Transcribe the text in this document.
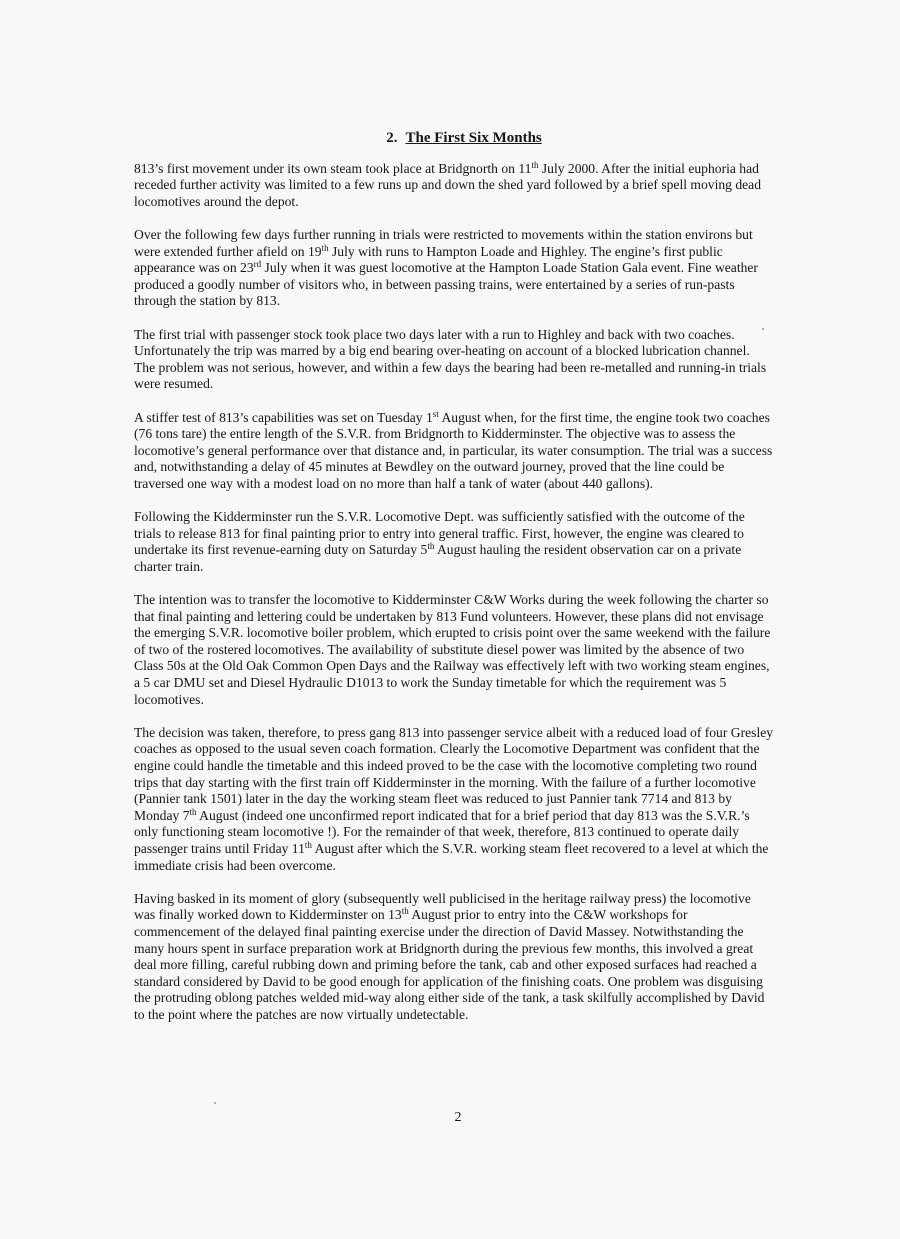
2. The First Six Months

813’s first movement under its own steam took place at Bridgnorth on 11th July 2000. After the initial euphoria had receded further activity was limited to a few runs up and down the shed yard followed by a brief spell moving dead locomotives around the depot.

Over the following few days further running in trials were restricted to movements within the station environs but were extended further afield on 19th July with runs to Hampton Loade and Highley. The engine’s first public appearance was on 23rd July when it was guest locomotive at the Hampton Loade Station Gala event. Fine weather produced a goodly number of visitors who, in between passing trains, were entertained by a series of run-pasts through the station by 813.

The first trial with passenger stock took place two days later with a run to Highley and back with two coaches. Unfortunately the trip was marred by a big end bearing over-heating on account of a blocked lubrication channel. The problem was not serious, however, and within a few days the bearing had been re-metalled and running-in trials were resumed.

A stiffer test of 813’s capabilities was set on Tuesday 1st August when, for the first time, the engine took two coaches (76 tons tare) the entire length of the S.V.R. from Bridgnorth to Kidderminster. The objective was to assess the locomotive’s general performance over that distance and, in particular, its water consumption. The trial was a success and, notwithstanding a delay of 45 minutes at Bewdley on the outward journey, proved that the line could be traversed one way with a modest load on no more than half a tank of water (about 440 gallons).

Following the Kidderminster run the S.V.R. Locomotive Dept. was sufficiently satisfied with the outcome of the trials to release 813 for final painting prior to entry into general traffic. First, however, the engine was cleared to undertake its first revenue-earning duty on Saturday 5th August hauling the resident observation car on a private charter train.

The intention was to transfer the locomotive to Kidderminster C&W Works during the week following the charter so that final painting and lettering could be undertaken by 813 Fund volunteers. However, these plans did not envisage the emerging S.V.R. locomotive boiler problem, which erupted to crisis point over the same weekend with the failure of two of the rostered locomotives. The availability of substitute diesel power was limited by the absence of two Class 50s at the Old Oak Common Open Days and the Railway was effectively left with two working steam engines, a 5 car DMU set and Diesel Hydraulic D1013 to work the Sunday timetable for which the requirement was 5 locomotives.

The decision was taken, therefore, to press gang 813 into passenger service albeit with a reduced load of four Gresley coaches as opposed to the usual seven coach formation. Clearly the Locomotive Department was confident that the engine could handle the timetable and this indeed proved to be the case with the locomotive completing two round trips that day starting with the first train off Kidderminster in the morning. With the failure of a further locomotive (Pannier tank 1501) later in the day the working steam fleet was reduced to just Pannier tank 7714 and 813 by Monday 7th August (indeed one unconfirmed report indicated that for a brief period that day 813 was the S.V.R.’s only functioning steam locomotive !). For the remainder of that week, therefore, 813 continued to operate daily passenger trains until Friday 11th August after which the S.V.R. working steam fleet recovered to a level at which the immediate crisis had been overcome.

Having basked in its moment of glory (subsequently well publicised in the heritage railway press) the locomotive was finally worked down to Kidderminster on 13th August prior to entry into the C&W workshops for commencement of the delayed final painting exercise under the direction of David Massey. Notwithstanding the many hours spent in surface preparation work at Bridgnorth during the previous few months, this involved a great deal more filling, careful rubbing down and priming before the tank, cab and other exposed surfaces had reached a standard considered by David to be good enough for application of the finishing coats. One problem was disguising the protruding oblong patches welded mid-way along either side of the tank, a task skilfully accomplished by David to the point where the patches are now virtually undetectable.

2
